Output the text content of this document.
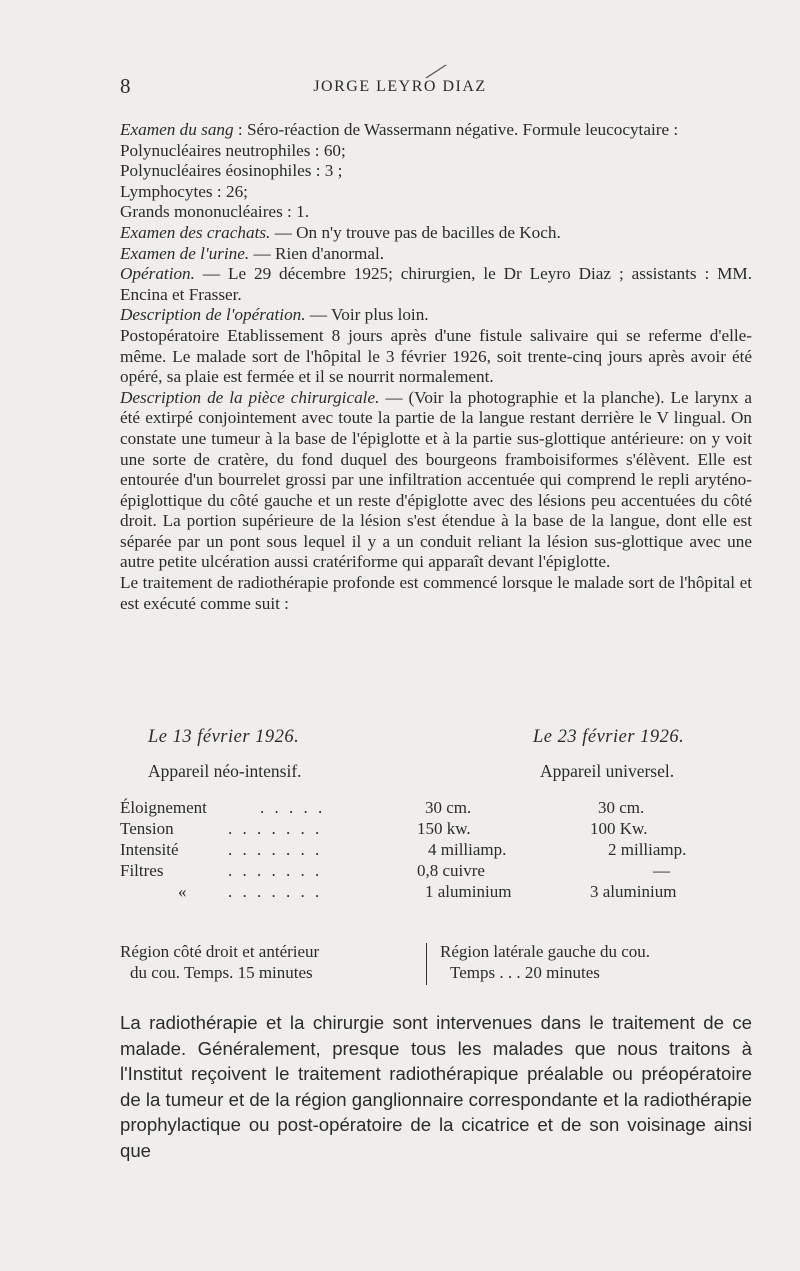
8	JORGE LEYRO DIAZ

Examen du sang : Séro-réaction de Wassermann négative. Formule leucocytaire :

Polynucléaires neutrophiles : 60;

Polynucléaires éosinophiles : 3 ;

Lymphocytes : 26;

Grands mononucléaires : 1.

Examen des crachats. — On n'y trouve pas de bacilles de Koch.

Examen de l'urine. — Rien d'anormal.

Opération. — Le 29 décembre 1925; chirurgien, le Dr Leyro Diaz ; assistants : MM. Encina et Frasser.

Description de l'opération. — Voir plus loin.

Postopératoire Etablissement 8 jours après d'une fistule salivaire qui se referme d'elle-même. Le malade sort de l'hôpital le 3 février 1926, soit trente-cinq jours après avoir été opéré, sa plaie est fermée et il se nourrit normalement.

Description de la pièce chirurgicale. — (Voir la photographie et la planche). Le larynx a été extirpé conjointement avec toute la partie de la langue restant derrière le V lingual. On constate une tumeur à la base de l'épiglotte et à la partie sus-glottique antérieure: on y voit une sorte de cratère, du fond duquel des bourgeons framboisiformes s'élèvent. Elle est entourée d'un bourrelet grossi par une infiltration accentuée qui comprend le repli aryténo-épiglottique du côté gauche et un reste d'épiglotte avec des lésions peu accentuées du côté droit. La portion supérieure de la lésion s'est étendue à la base de la langue, dont elle est séparée par un pont sous lequel il y a un conduit reliant la lésion sus-glottique avec une autre petite ulcération aussi cratériforme qui apparaît devant l'épiglotte.

Le traitement de radiothérapie profonde est commencé lorsque le malade sort de l'hôpital et est exécuté comme suit :

Le 13 février 1926.	Le 23 février 1926.
Appareil néo-intensif.	Appareil universel.
Éloignement	. . . . .	30 cm.	30 cm.
Tension	. . . . . . .	150 kw.	100 Kw.
Intensité	. . . . . . .	4 milliamp.	2 milliamp.
Filtres	. . . . . . .	0,8 cuivre	—
« . . . . . . .	1 aluminium	3 aluminium
Région côté droit et antérieur
du cou. Temps. 15 minutes
Région latérale gauche du cou.
Temps . . . 20 minutes

La radiothérapie et la chirurgie sont intervenues dans le traitement de ce malade. Généralement, presque tous les malades que nous traitons à l'Institut reçoivent le traitement radiothérapique préalable ou préopératoire de la tumeur et de la région ganglionnaire correspondante et la radiothérapie prophylactique ou post-opératoire de la cicatrice et de son voisinage ainsi que
